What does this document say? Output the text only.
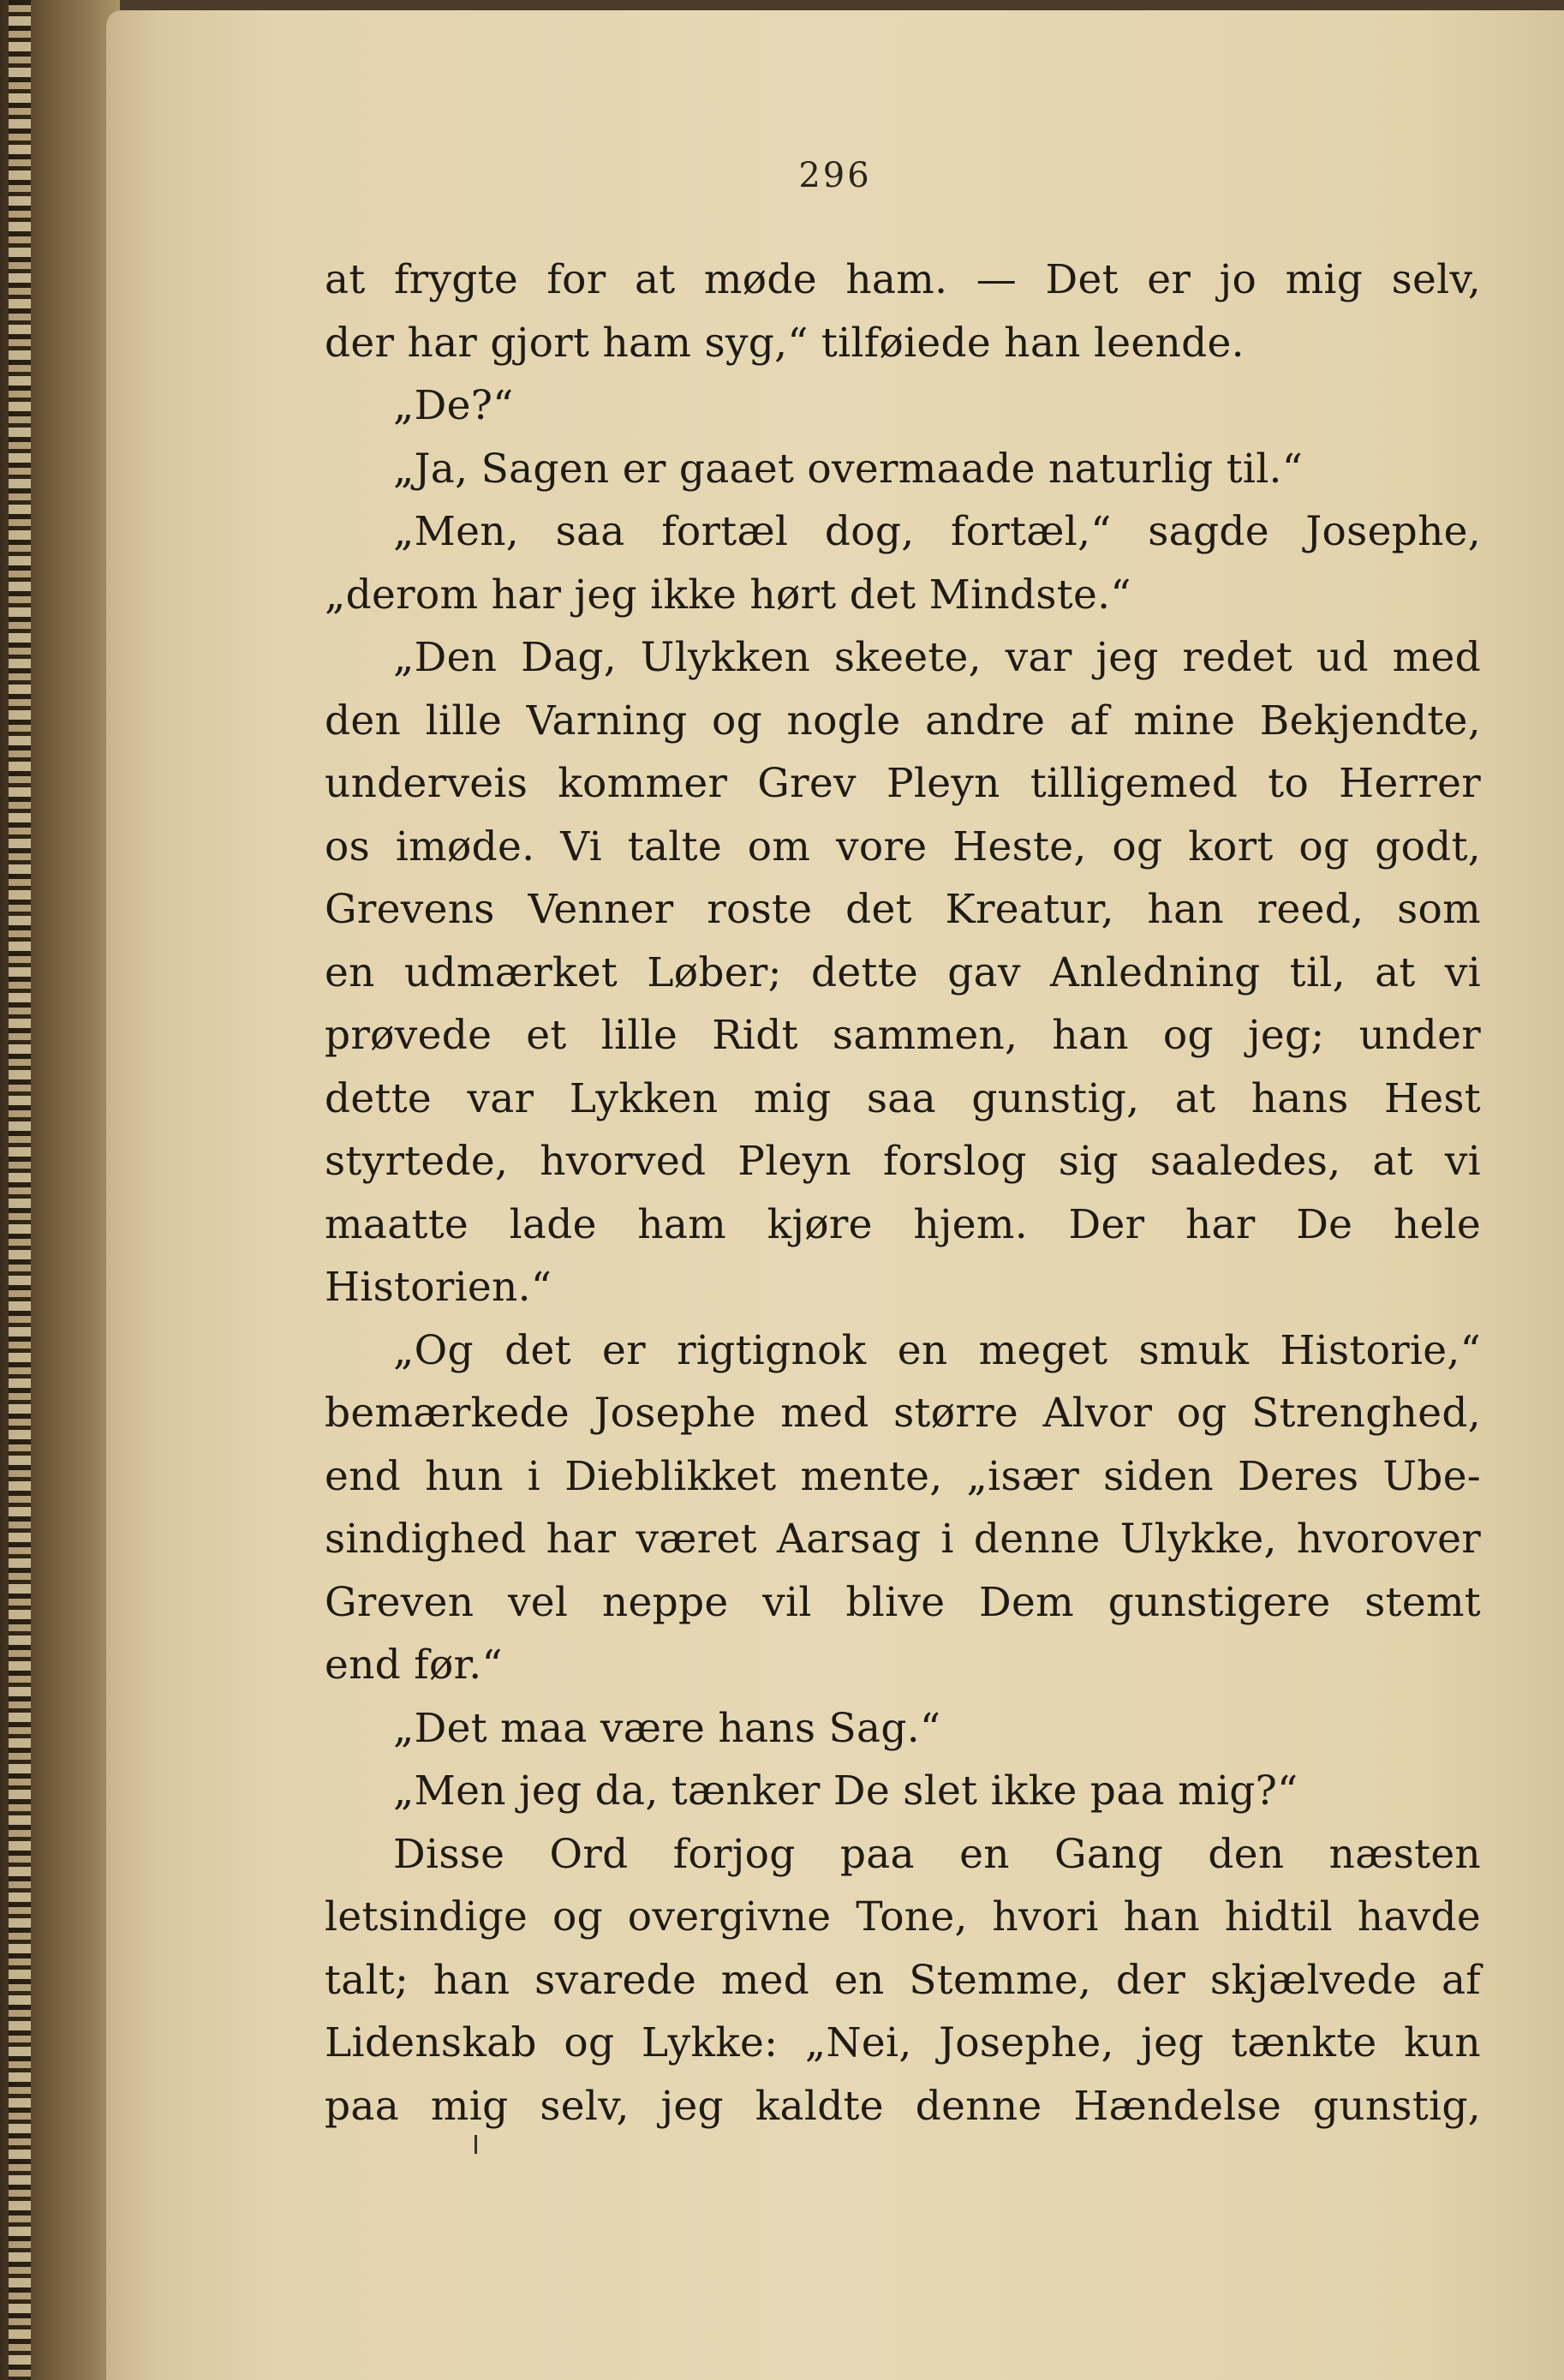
296
at frygte for at møde ham. — Det er jo mig selv,
der har gjort ham syg,“ tilføiede han leende.
„De?“
„Ja, Sagen er gaaet overmaade naturlig til.“
„Men, saa fortæl dog, fortæl,“ sagde Josephe,
„derom har jeg ikke hørt det Mindste.“
„Den Dag, Ulykken skeete, var jeg redet ud med
den lille Varning og nogle andre af mine Bekjendte,
underveis kommer Grev Pleyn tilligemed to Herrer
os imøde. Vi talte om vore Heste, og kort og godt,
Grevens Venner roste det Kreatur, han reed, som
en udmærket Løber; dette gav Anledning til, at vi
prøvede et lille Ridt sammen, han og jeg; under
dette var Lykken mig saa gunstig, at hans Hest
styrtede, hvorved Pleyn forslog sig saaledes, at vi
maatte lade ham kjøre hjem. Der har De hele
Historien.“
„Og det er rigtignok en meget smuk Historie,“
bemærkede Josephe med større Alvor og Strenghed,
end hun i Dieblikket mente, „især siden Deres Ube-
sindighed har været Aarsag i denne Ulykke, hvorover
Greven vel neppe vil blive Dem gunstigere stemt
end før.“
„Det maa være hans Sag.“
„Men jeg da, tænker De slet ikke paa mig?“
Disse Ord forjog paa en Gang den næsten
letsindige og overgivne Tone, hvori han hidtil havde
talt; han svarede med en Stemme, der skjælvede af
Lidenskab og Lykke: „Nei, Josephe, jeg tænkte kun
paa mig selv, jeg kaldte denne Hændelse gunstig,
